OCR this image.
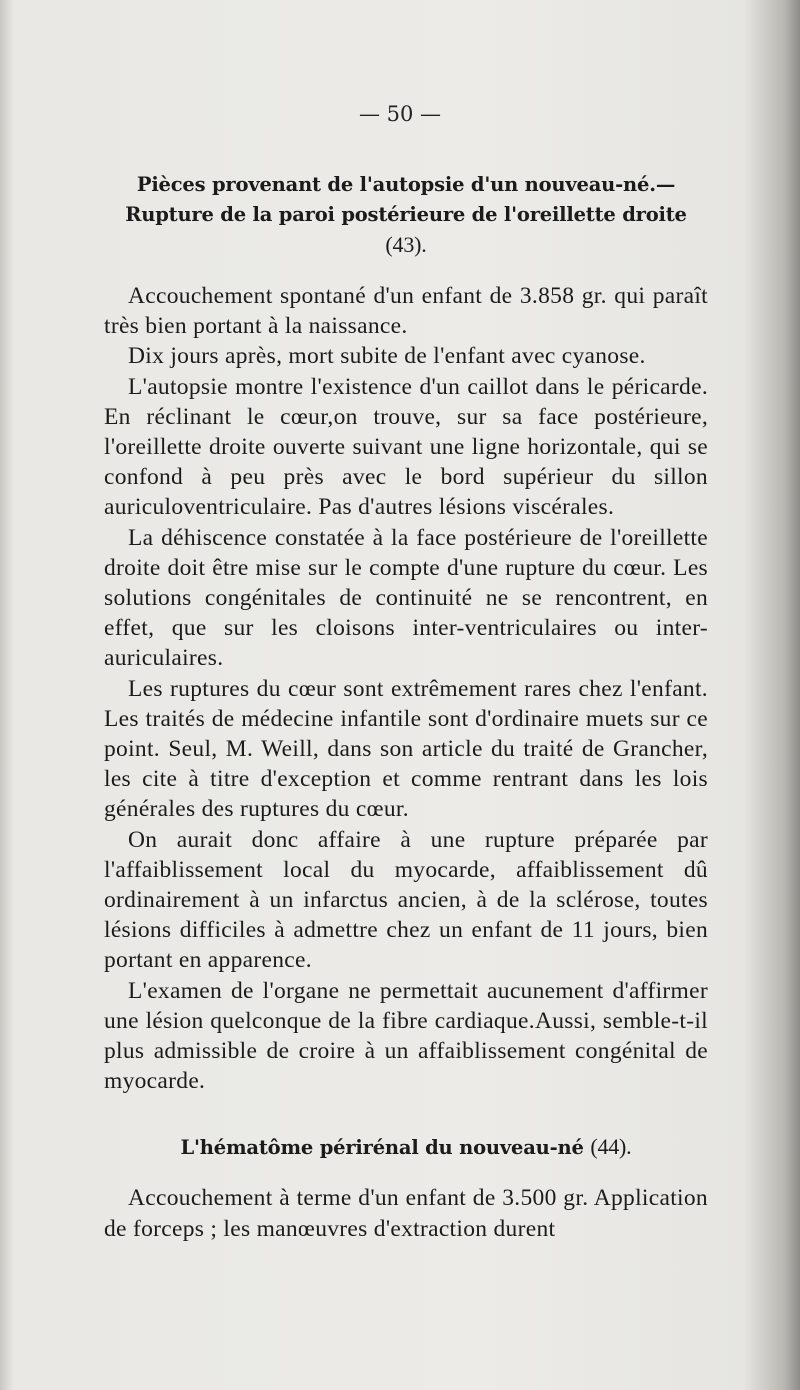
— 50 —

Pièces provenant de l'autopsie d'un nouveau-né.—Rupture de la paroi postérieure de l'oreillette droite (43).

Accouchement spontané d'un enfant de 3.858 gr. qui paraît très bien portant à la naissance.

Dix jours après, mort subite de l'enfant avec cyanose.

L'autopsie montre l'existence d'un caillot dans le péricarde. En réclinant le cœur,on trouve, sur sa face postérieure, l'oreillette droite ouverte suivant une ligne horizontale, qui se confond à peu près avec le bord supérieur du sillon auriculoventriculaire. Pas d'autres lésions viscérales.

La déhiscence constatée à la face postérieure de l'oreillette droite doit être mise sur le compte d'une rupture du cœur. Les solutions congénitales de continuité ne se rencontrent, en effet, que sur les cloisons inter-ventriculaires ou inter-auriculaires.

Les ruptures du cœur sont extrêmement rares chez l'enfant. Les traités de médecine infantile sont d'ordinaire muets sur ce point. Seul, M. Weill, dans son article du traité de Grancher, les cite à titre d'exception et comme rentrant dans les lois générales des ruptures du cœur.

On aurait donc affaire à une rupture préparée par l'affaiblissement local du myocarde, affaiblissement dû ordinairement à un infarctus ancien, à de la sclérose, toutes lésions difficiles à admettre chez un enfant de 11 jours, bien portant en apparence.

L'examen de l'organe ne permettait aucunement d'affirmer une lésion quelconque de la fibre cardiaque.Aussi, semble-t-il plus admissible de croire à un affaiblissement congénital de myocarde.

L'hématôme périrénal du nouveau-né (44).

Accouchement à terme d'un enfant de 3.500 gr. Application de forceps ; les manœuvres d'extraction durent
